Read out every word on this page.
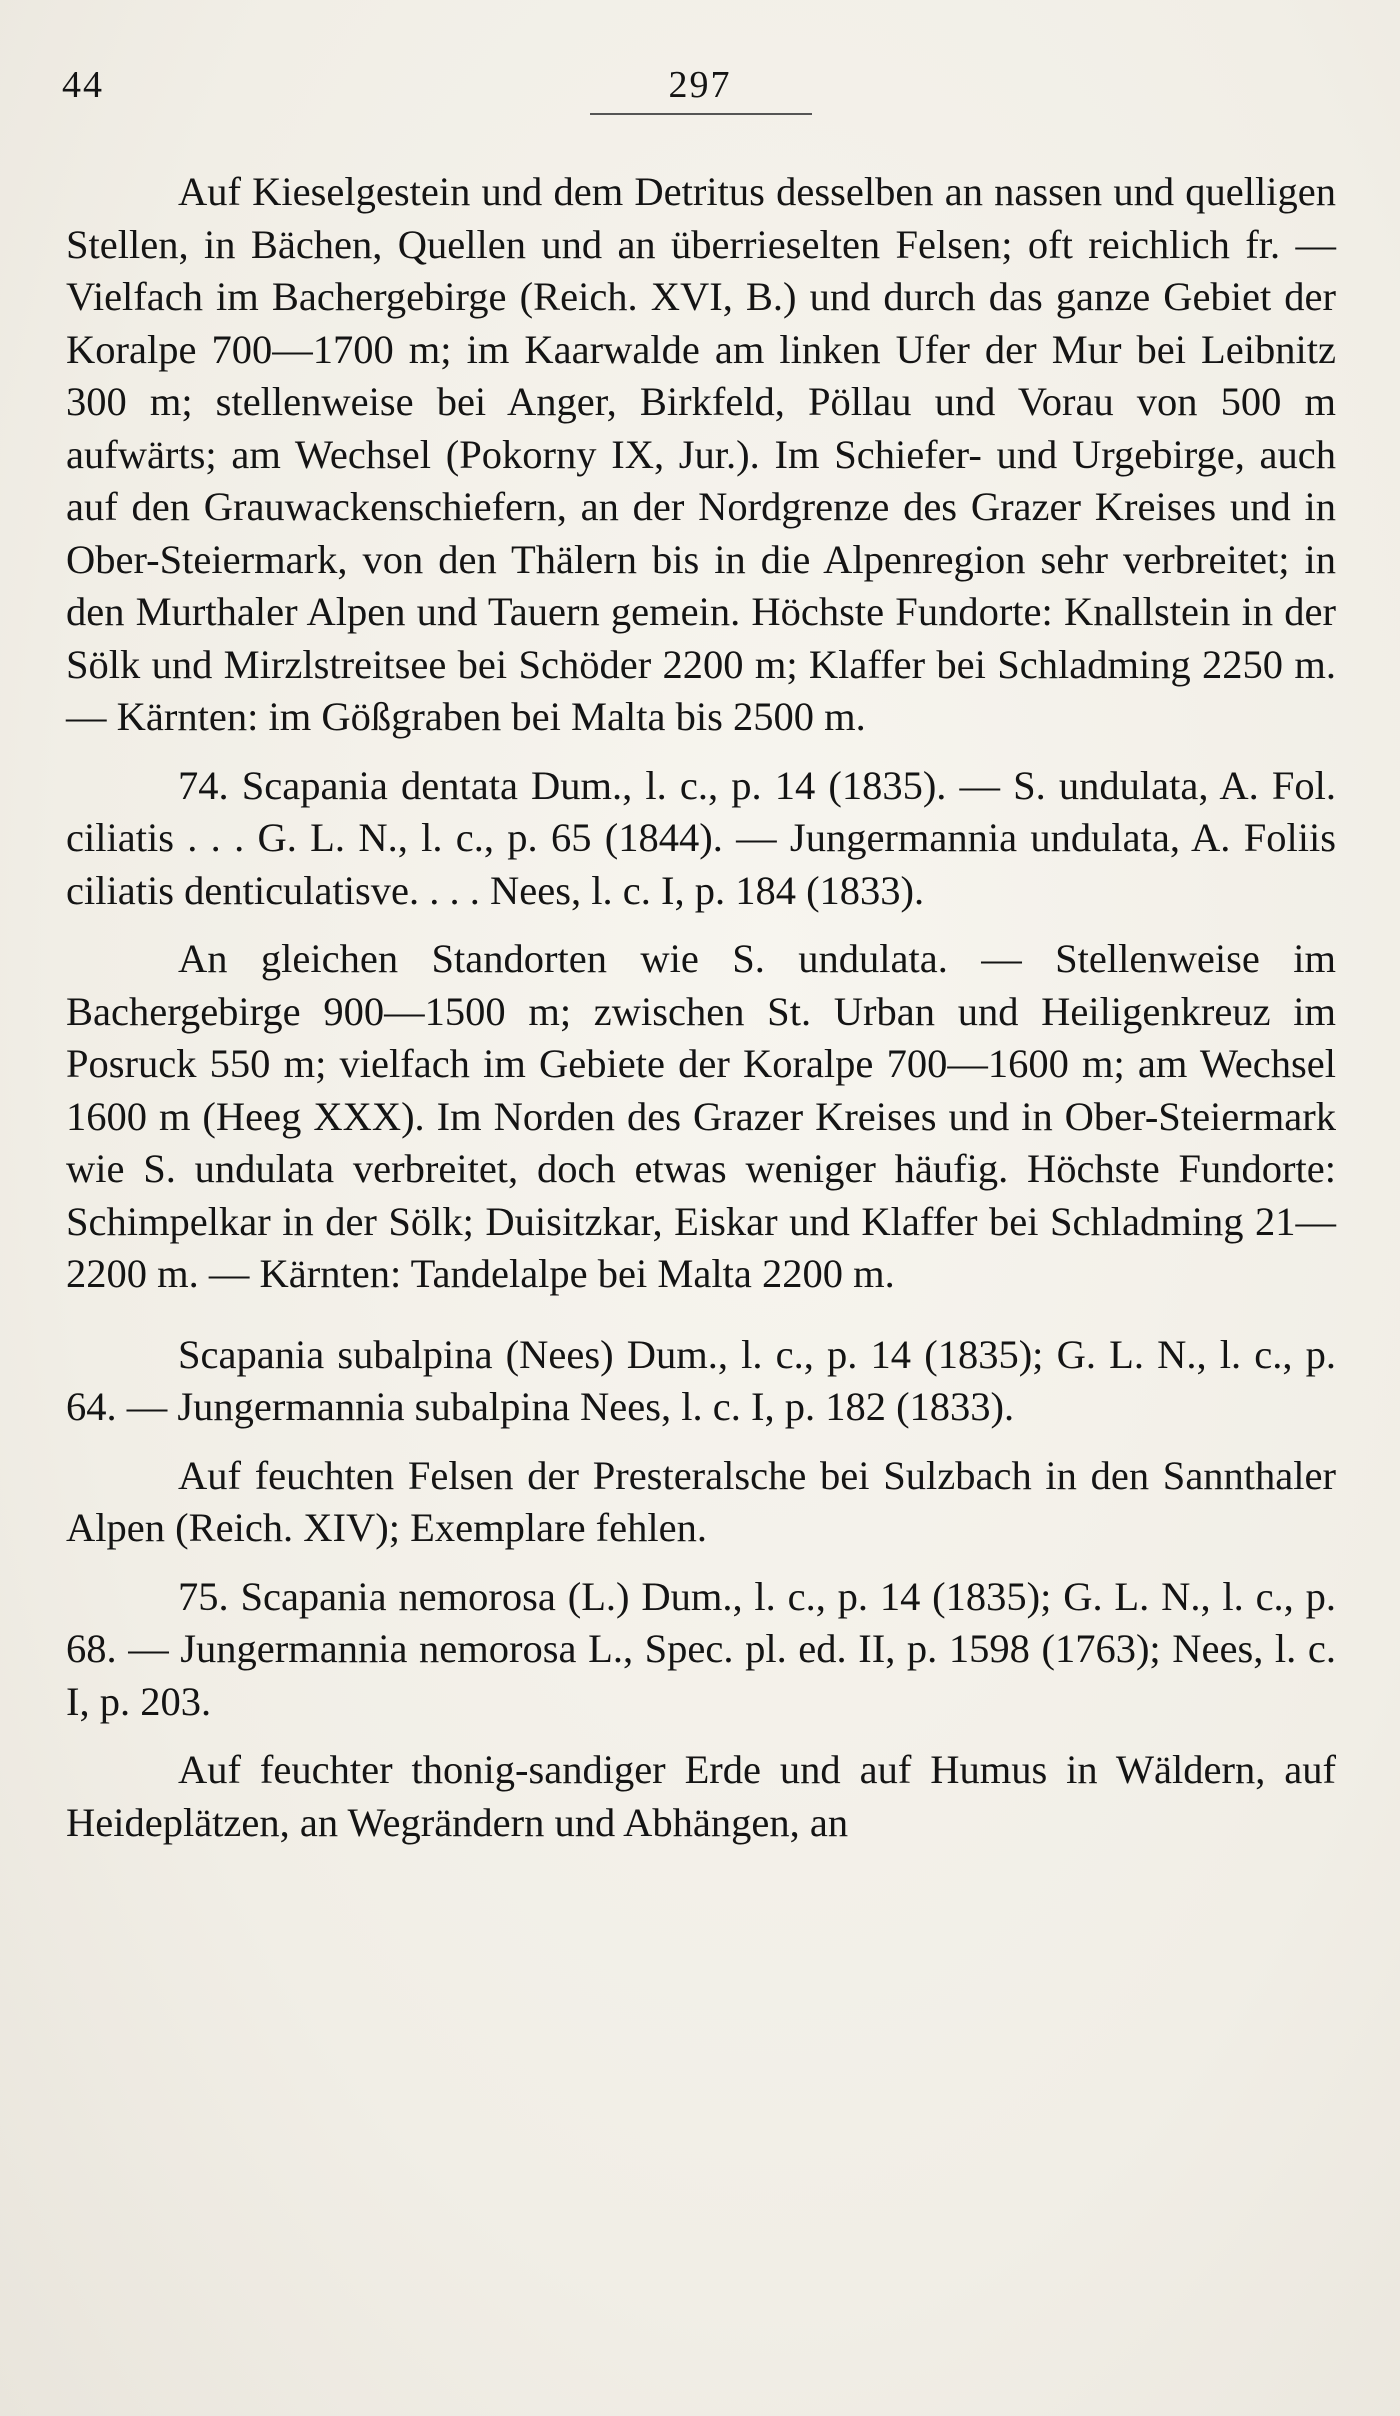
44	297

Auf Kieselgestein und dem Detritus desselben an nassen und quelligen Stellen, in Bächen, Quellen und an überrieselten Felsen; oft reichlich fr. — Vielfach im Bachergebirge (Reich. XVI, B.) und durch das ganze Gebiet der Koralpe 700—1700 m; im Kaarwalde am linken Ufer der Mur bei Leibnitz 300 m; stellenweise bei Anger, Birkfeld, Pöllau und Vorau von 500 m aufwärts; am Wechsel (Pokorny IX, Jur.). Im Schiefer- und Urgebirge, auch auf den Grauwackenschiefern, an der Nordgrenze des Grazer Kreises und in Ober-Steiermark, von den Thälern bis in die Alpenregion sehr verbreitet; in den Murthaler Alpen und Tauern gemein. Höchste Fundorte: Knallstein in der Sölk und Mirzlstreitsee bei Schöder 2200 m; Klaffer bei Schladming 2250 m. — Kärnten: im Gößgraben bei Malta bis 2500 m.

74. Scapania dentata Dum., l. c., p. 14 (1835). — S. undulata, A. Fol. ciliatis . . . G. L. N., l. c., p. 65 (1844). — Jungermannia undulata, A. Foliis ciliatis denticulatisve. . . . Nees, l. c. I, p. 184 (1833).

An gleichen Standorten wie S. undulata. — Stellenweise im Bachergebirge 900—1500 m; zwischen St. Urban und Heiligenkreuz im Posruck 550 m; vielfach im Gebiete der Koralpe 700—1600 m; am Wechsel 1600 m (Heeg XXX). Im Norden des Grazer Kreises und in Ober-Steiermark wie S. undulata verbreitet, doch etwas weniger häufig. Höchste Fundorte: Schimpelkar in der Sölk; Duisitzkar, Eiskar und Klaffer bei Schladming 21—2200 m. — Kärnten: Tandelalpe bei Malta 2200 m.

Scapania subalpina (Nees) Dum., l. c., p. 14 (1835); G. L. N., l. c., p. 64. — Jungermannia subalpina Nees, l. c. I, p. 182 (1833).

Auf feuchten Felsen der Presteralsche bei Sulzbach in den Sannthaler Alpen (Reich. XIV); Exemplare fehlen.

75. Scapania nemorosa (L.) Dum., l. c., p. 14 (1835); G. L. N., l. c., p. 68. — Jungermannia nemorosa L., Spec. pl. ed. II, p. 1598 (1763); Nees, l. c. I, p. 203.

Auf feuchter thonig-sandiger Erde und auf Humus in Wäldern, auf Heideplätzen, an Wegrändern und Abhängen, an
